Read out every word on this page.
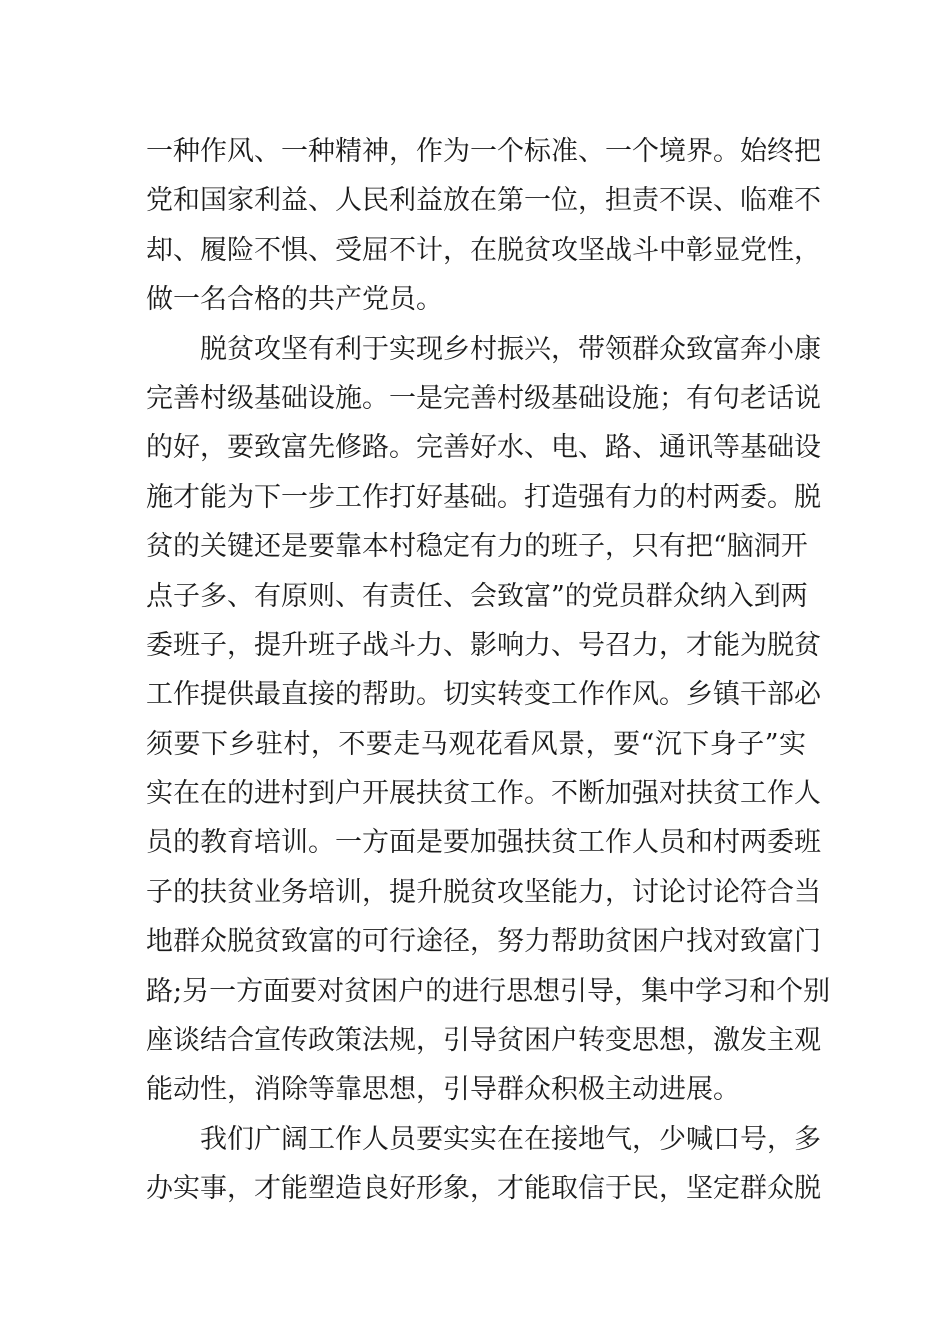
一种作风、一种精神，作为一个标准、一个境界。始终把
党和国家利益、人民利益放在第一位，担责不误、临难不
却、履险不惧、受屈不计，在脱贫攻坚战斗中彰显党性，
做一名合格的共产党员。
脱贫攻坚有利于实现乡村振兴，带领群众致富奔小康
完善村级基础设施。一是完善村级基础设施；有句老话说
的好，要致富先修路。完善好水、电、路、通讯等基础设
施才能为下一步工作打好基础。打造强有力的村两委。脱
贫的关键还是要靠本村稳定有力的班子，只有把“脑洞开
点子多、有原则、有责任、会致富”的党员群众纳入到两
委班子，提升班子战斗力、影响力、号召力，才能为脱贫
工作提供最直接的帮助。切实转变工作作风。乡镇干部必
须要下乡驻村，不要走马观花看风景，要“沉下身子”实
实在在的进村到户开展扶贫工作。不断加强对扶贫工作人
员的教育培训。一方面是要加强扶贫工作人员和村两委班
子的扶贫业务培训，提升脱贫攻坚能力，讨论讨论符合当
地群众脱贫致富的可行途径，努力帮助贫困户找对致富门
路;另一方面要对贫困户的进行思想引导，集中学习和个别
座谈结合宣传政策法规，引导贫困户转变思想，激发主观
能动性，消除等靠思想，引导群众积极主动进展。
我们广阔工作人员要实实在在接地气，少喊口号，多
办实事，才能塑造良好形象，才能取信于民，坚定群众脱
